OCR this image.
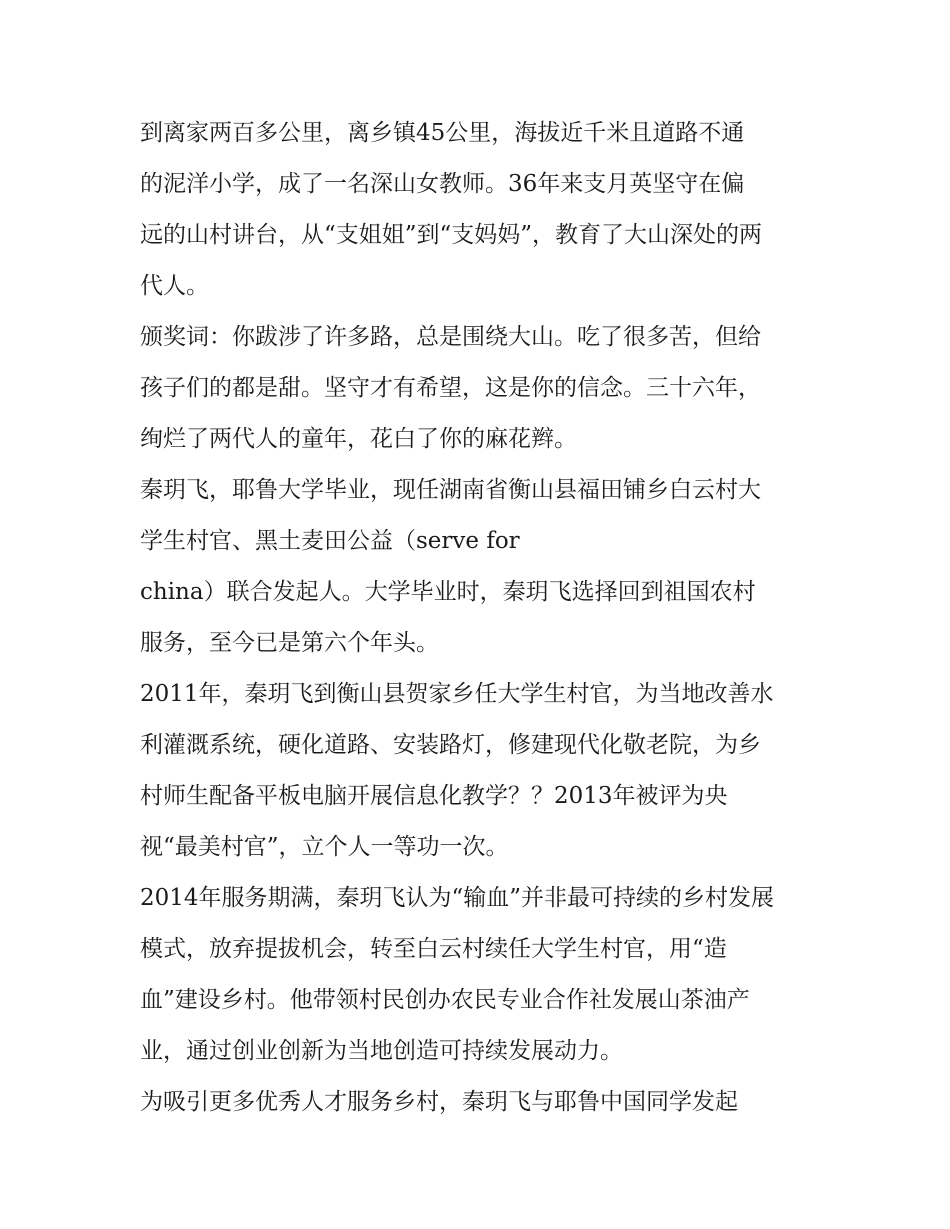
到离家两百多公里，离乡镇45公里，海拔近千米且道路不通
的泥洋小学，成了一名深山女教师。36年来支月英坚守在偏
远的山村讲台，从“支姐姐”到“支妈妈”，教育了大山深处的两
代人。
颁奖词：你跋涉了许多路，总是围绕大山。吃了很多苦，但给
孩子们的都是甜。坚守才有希望，这是你的信念。三十六年，
绚烂了两代人的童年，花白了你的麻花辫。
秦玥飞，耶鲁大学毕业，现任湖南省衡山县福田铺乡白云村大
学生村官、黑土麦田公益（serve for
china）联合发起人。大学毕业时，秦玥飞选择回到祖国农村
服务，至今已是第六个年头。
2011年，秦玥飞到衡山县贺家乡任大学生村官，为当地改善水
利灌溉系统，硬化道路、安装路灯，修建现代化敬老院，为乡
村师生配备平板电脑开展信息化教学？？2013年被评为央
视“最美村官”，立个人一等功一次。
2014年服务期满，秦玥飞认为“输血”并非最可持续的乡村发展
模式，放弃提拔机会，转至白云村续任大学生村官，用“造
血”建设乡村。他带领村民创办农民专业合作社发展山茶油产
业，通过创业创新为当地创造可持续发展动力。
为吸引更多优秀人才服务乡村，秦玥飞与耶鲁中国同学发起
